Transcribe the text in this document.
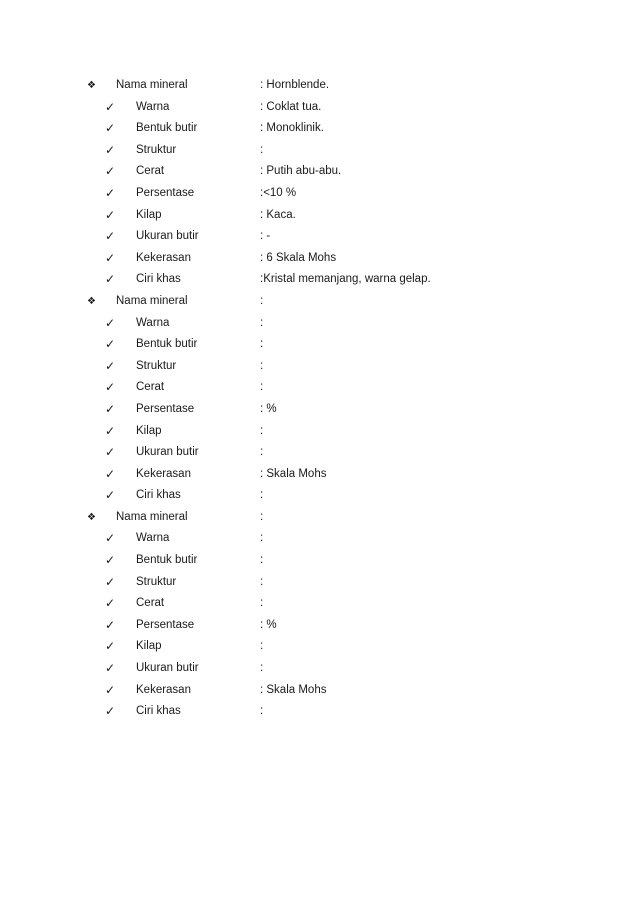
❖ Nama mineral	: Hornblende.
✓ Warna	: Coklat tua.
✓ Bentuk butir	: Monoklinik.
✓ Struktur	:
✓ Cerat	: Putih abu-abu.
✓ Persentase	:<10 %
✓ Kilap	: Kaca.
✓ Ukuran butir	: -
✓ Kekerasan	: 6 Skala Mohs
✓ Ciri khas	:Kristal memanjang, warna gelap.
❖ Nama mineral	:
✓ Warna	:
✓ Bentuk butir	:
✓ Struktur	:
✓ Cerat	:
✓ Persentase	: %
✓ Kilap	:
✓ Ukuran butir	:
✓ Kekerasan	: Skala Mohs
✓ Ciri khas	:
❖ Nama mineral	:
✓ Warna	:
✓ Bentuk butir	:
✓ Struktur	:
✓ Cerat	:
✓ Persentase	: %
✓ Kilap	:
✓ Ukuran butir	:
✓ Kekerasan	: Skala Mohs
✓ Ciri khas	:
